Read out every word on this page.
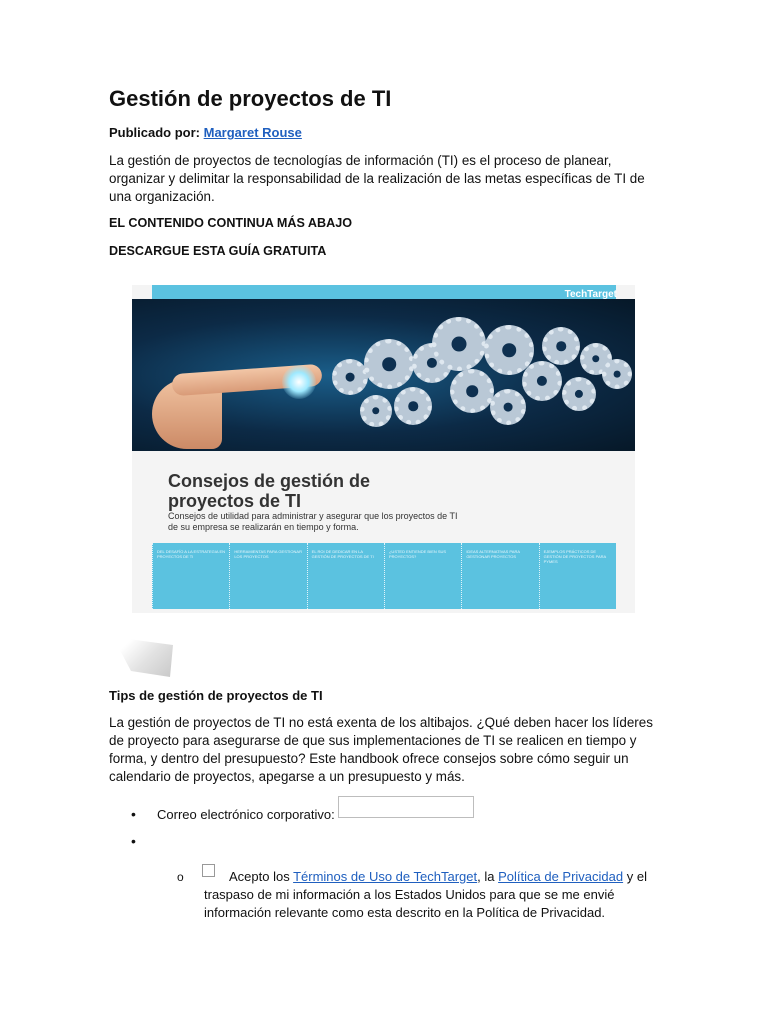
Gestión de proyectos de TI
Publicado por: Margaret Rouse
La gestión de proyectos de tecnologías de información (TI) es el proceso de planear, organizar y delimitar la responsabilidad de la realización de las metas específicas de TI de una organización.
EL CONTENIDO CONTINUA MÁS ABAJO
DESCARGUE ESTA GUÍA GRATUITA
TechTarget
Consejos de gestión de proyectos de TI
Consejos de utilidad para administrar y asegurar que los proyectos de TI de su empresa se realizarán en tiempo y forma.
DEL DESAFÍO A LA ESTRATEGIA EN PROYECTOS DE TI
HERRAMIENTAS PARA GESTIONAR LOS PROYECTOS
EL ROI DE DEDICAR EN LA GESTIÓN DE PROYECTOS DE TI
¿USTED ENTIENDE BIEN SUS PROYECTOS?
IDEAS ALTERNATIVAS PARA GESTIONAR PROYECTOS
EJEMPLOS PRÁCTICOS DE GESTIÓN DE PROYECTOS PARA PYMES
Tips de gestión de proyectos de TI
La gestión de proyectos de TI no está exenta de los altibajos. ¿Qué deben hacer los líderes de proyecto para asegurarse de que sus implementaciones de TI se realicen en tiempo y forma, y dentro del presupuesto? Este handbook ofrece consejos sobre cómo seguir un calendario de proyectos, apegarse a un presupuesto y más.
• Correo electrónico corporativo:
•
o	Acepto los Términos de Uso de TechTarget, la Política de Privacidad y el traspaso de mi información a los Estados Unidos para que se me envié información relevante como esta descrito en la Política de Privacidad.
